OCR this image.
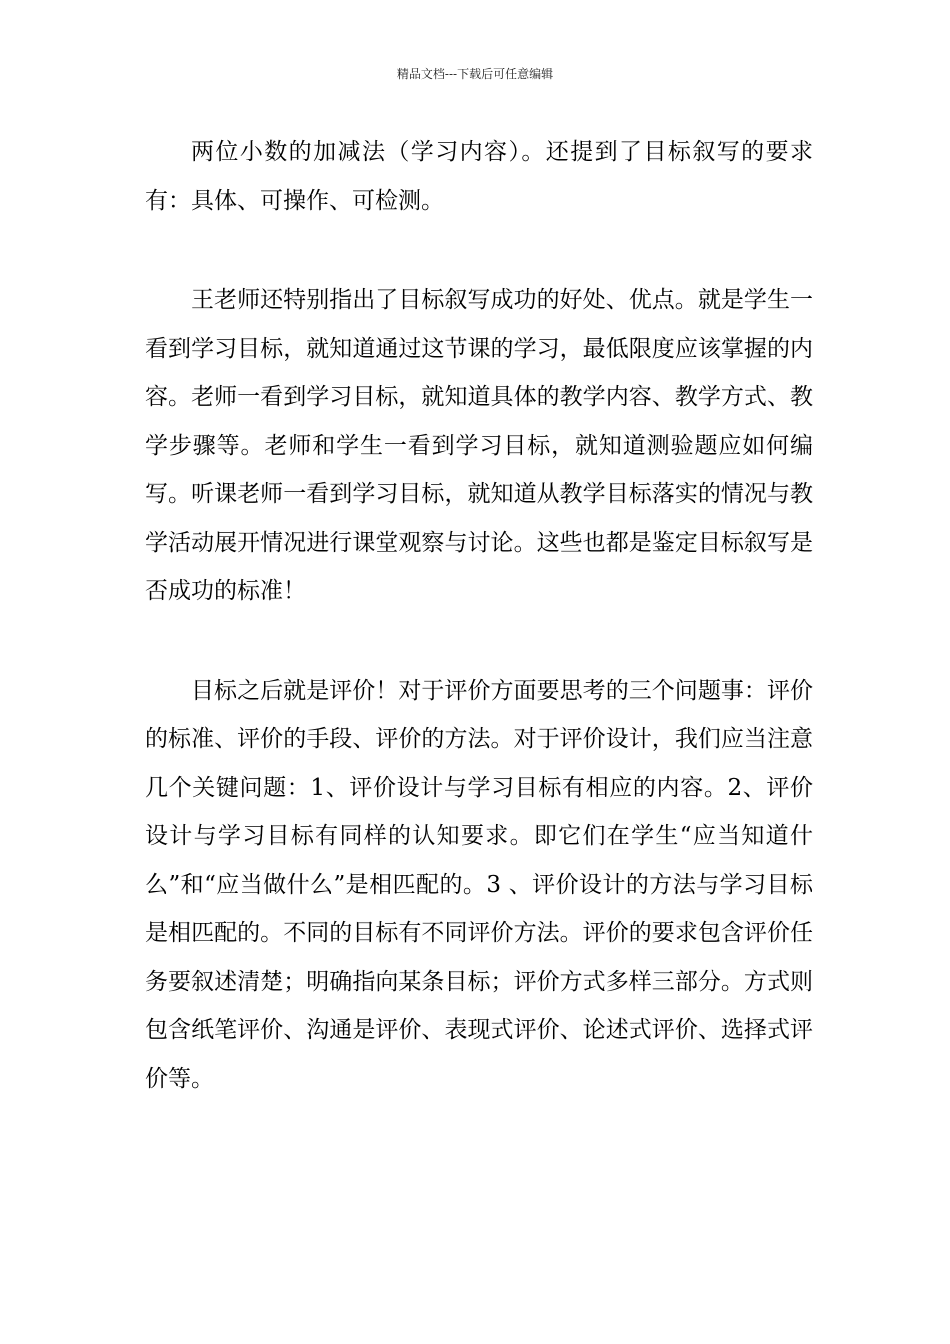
精品文档---下载后可任意编辑

两位小数的加减法（学习内容）。还提到了目标叙写的要求有：具体、可操作、可检测。

王老师还特别指出了目标叙写成功的好处、优点。就是学生一看到学习目标，就知道通过这节课的学习，最低限度应该掌握的内容。老师一看到学习目标，就知道具体的教学内容、教学方式、教学步骤等。老师和学生一看到学习目标，就知道测验题应如何编写。听课老师一看到学习目标，就知道从教学目标落实的情况与教学活动展开情况进行课堂观察与讨论。这些也都是鉴定目标叙写是否成功的标准！

目标之后就是评价！对于评价方面要思考的三个问题事：评价的标准、评价的手段、评价的方法。对于评价设计，我们应当注意几个关键问题：1、评价设计与学习目标有相应的内容。2、评价设计与学习目标有同样的认知要求。即它们在学生“应当知道什么”和“应当做什么”是相匹配的。3 、评价设计的方法与学习目标是相匹配的。不同的目标有不同评价方法。评价的要求包含评价任务要叙述清楚；明确指向某条目标；评价方式多样三部分。方式则包含纸笔评价、沟通是评价、表现式评价、论述式评价、选择式评价等。
